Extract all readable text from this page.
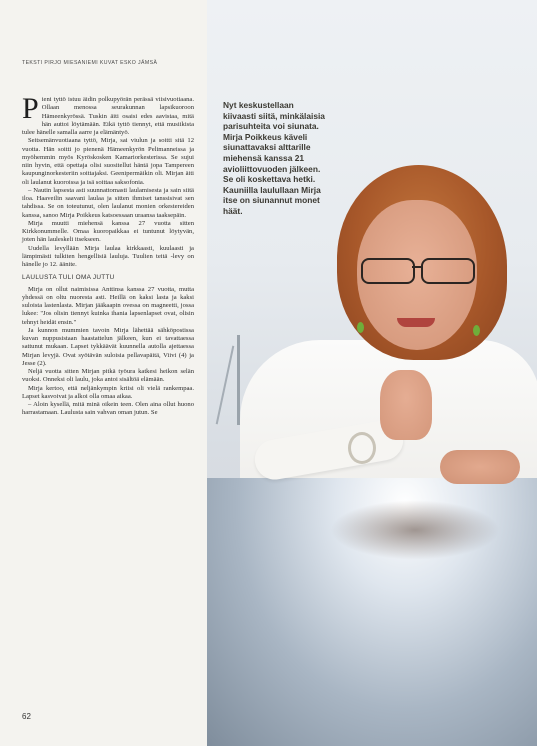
TEKSTI PIRJO MIESANIEMI KUVAT ESKO JÄMSÄ

Pieni tyttö istuu äidin polkupyörän perässä viisivuotiaana. Ollaan menossa seurakunnan lapsikuoroon Hämeenkyrössä. Tuskin äiti osaisi edes aavistaa, mitä hän auttoi löytämään. Eikä tyttö tiennyt, että musiikista tulee hänelle samalla aarre ja elämäntyö.

Seitsemänvuotiaana tyttö, Mirja, sai viulun ja soitti sitä 12 vuotta. Hän soitti jo pienenä Hämeenkyrön Pelimanneissa ja myöhemmin myös Kyröskosken Kamariorkesterissa. Se sujui niin hyvin, että opettaja olisi suositellut häntä jopa Tampereen kaupunginorkesteriin soittajaksi. Geenipermäikin oli. Mirjan äiti oli laulanut kuoroissa ja isä soittaa saksofonia.

– Nautin lapsesta asti suunnattomasti laulamisesta ja sain siitä iloa. Haaveilin saavani laulaa ja sitten ihmiset tanssisivat sen tahdissa. Se on toteutunut, olen laulanut monien orkestereiden kanssa, sanoo Mirja Poikkeus katsoessaan uraansa taaksepäin.

Mirja muutti miehensä kanssa 27 vuotta sitten Kirkkonummelle. Omaa kuoropaikkaa ei tuntunut löytyvän, joten hän lauleskeli itsekseen.

Uudella levyllään Mirja laulaa kirkkaasti, kuulaasti ja lämpimästi tulkiten hengellisiä lauluja. Tuulien teitä -levy on hänelle jo 12. äänite.

LAULUSTA TULI OMA JUTTU

Mirja on ollut naimisissa Anttinsa kanssa 27 vuotta, mutta yhdessä on oltu nuoresta asti. Heillä on kaksi lasta ja kaksi suloista lastenlasta. Mirjan jääkaapin ovessa on magneetti, jossa lukee: "Jos olisin tiennyt kuinka ihania lapsenlapset ovat, olisin tehnyt heidät ensin."

Ja kunnon mummien tavoin Mirja lähettää sähköpostissa kuvan nuppusistaan haastattelun jälkeen, kun ei tavattaessa sattunut mukaan. Lapset tykkäävät kuunnella autolla ajettaessa Mirjan levyjä. Ovat syötävän suloisia pellavapäitä, Viivi (4) ja Jesse (2).

Neljä vuotta sitten Mirjan pitkä työura katkesi heikon selän vuoksi. Onneksi oli laulu, joka antoi sisältöä elämään.

Mirja kertoo, että neljänkympin kriisi oli vielä rankempaa. Lapset kasvoivat ja alkoi olla omaa aikaa.

– Aloin kysellä, mitä minä oikein teen. Olen aina ollut huono harrastamaan. Laulusta sain vahvan oman jutun. Se

62
Nyt keskustellaan kiivaasti siitä, minkälaisia parisuhteita voi siunata. Mirja Poikkeus käveli siunattavaksi alttarille miehensä kanssa 21 avioliittovuoden jälkeen. Se oli koskettava hetki. Kauniilla laulullaan Mirja itse on siunannut monet häät.
